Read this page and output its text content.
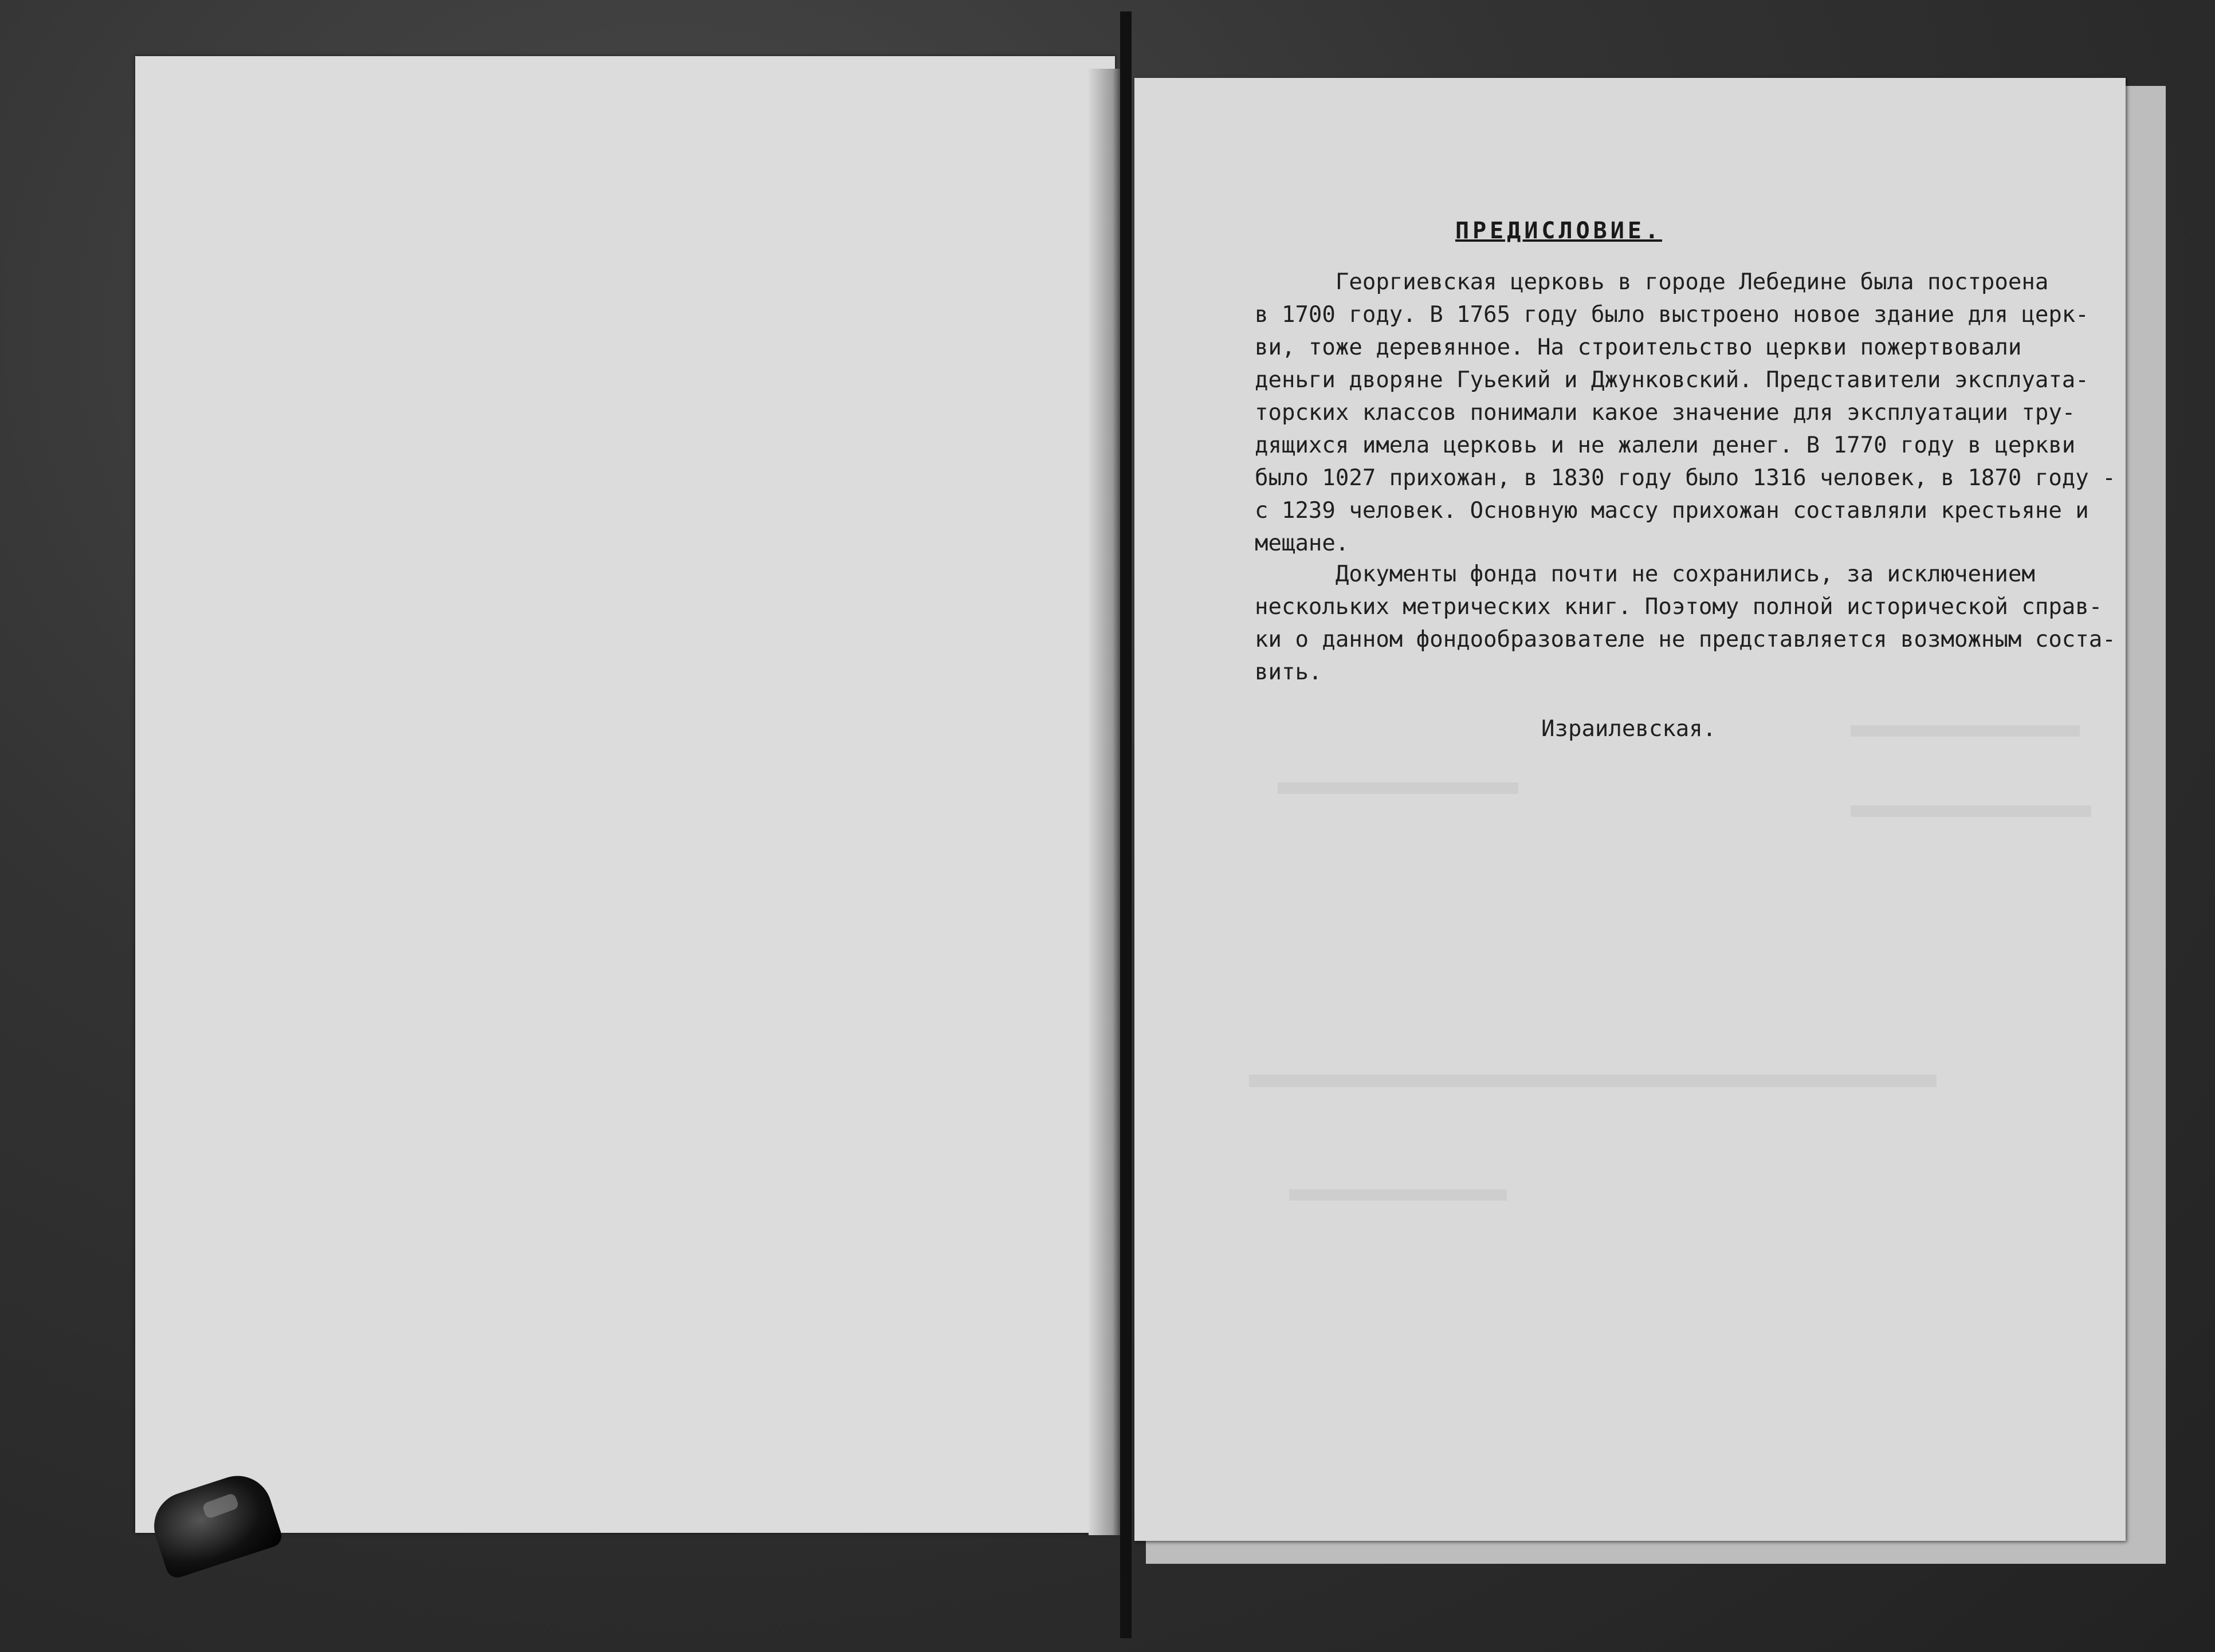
ПРЕДИСЛОВИЕ.
Георгиевская церковь в городе Лебедине была построена
в 1700 году. В 1765 году было выстроено новое здание для церк-
ви, тоже деревянное. На строительство церкви пожертвовали
деньги дворяне Гуьекий и Джунковский. Представители эксплуата-
торских классов понимали какое значение для эксплуатации тру-
дящихся имела церковь и не жалели денег. В 1770 году в церкви
было 1027 прихожан, в 1830 году было 1316 человек, в 1870 году -
с 1239 человек. Основную массу прихожан составляли крестьяне и
мещане.
Документы фонда почти не сохранились, за исключением
нескольких метрических книг. Поэтому полной исторической справ-
ки о данном фондообразователе не представляется возможным соста-
вить.
Израилевская.
